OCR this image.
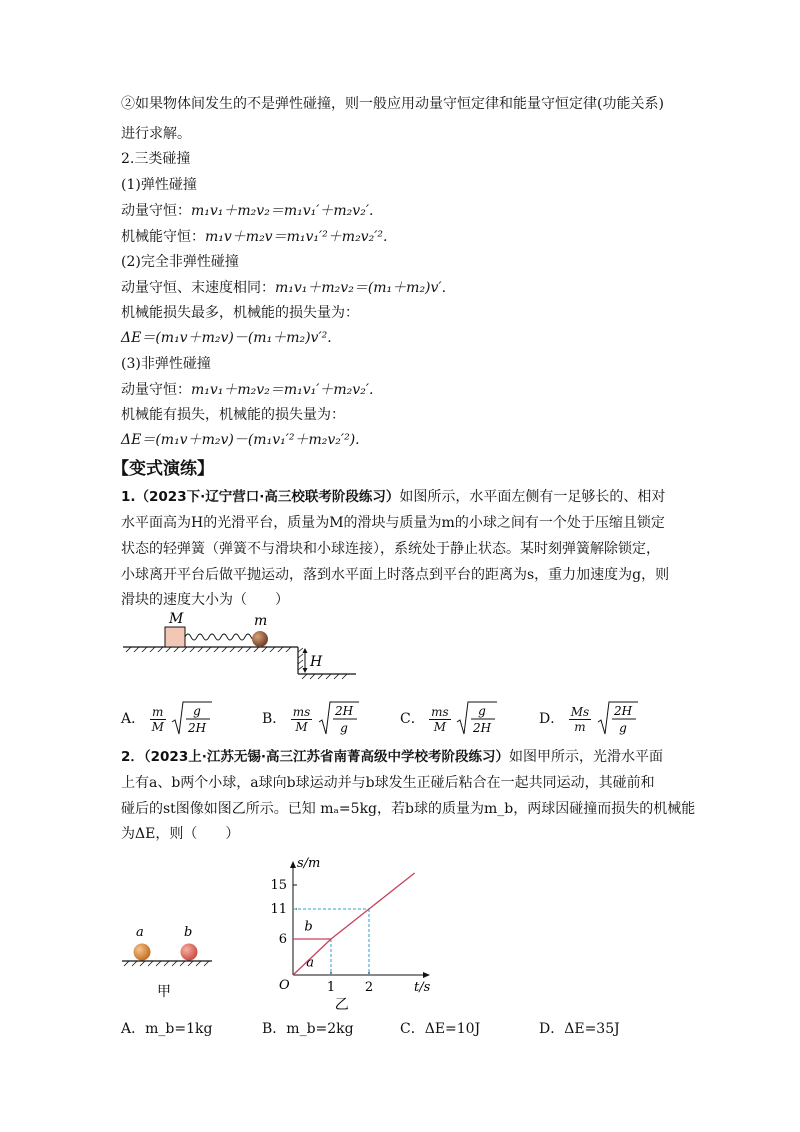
②如果物体间发生的不是弹性碰撞，则一般应用动量守恒定律和能量守恒定律(功能关系)
进行求解。
2.三类碰撞
(1)弹性碰撞
动量守恒：m₁v₁＋m₂v₂＝m₁v₁′＋m₂v₂′.
机械能守恒：m₁v＋m₂v＝m₁v₁′²＋m₂v₂′².
(2)完全非弹性碰撞
动量守恒、末速度相同：m₁v₁＋m₂v₂＝(m₁＋m₂)v′.
机械能损失最多，机械能的损失量为：
ΔE＝(m₁v＋m₂v)－(m₁＋m₂)v′².
(3)非弹性碰撞
动量守恒：m₁v₁＋m₂v₂＝m₁v₁′＋m₂v₂′.
机械能有损失，机械能的损失量为：
ΔE＝(m₁v＋m₂v)－(m₁v₁′²＋m₂v₂′²).
【变式演练】
1.（2023下·辽宁营口·高三校联考阶段练习）如图所示，水平面左侧有一足够长的、相对
水平面高为H的光滑平台，质量为M的滑块与质量为m的小球之间有一个处于压缩且锁定
状态的轻弹簧（弹簧不与滑块和小球连接），系统处于静止状态。某时刻弹簧解除锁定，
小球离开平台后做平抛运动，落到水平面上时落点到平台的距离为s，重力加速度为g，则
滑块的速度大小为（　　）
H
M	m
A． $\frac{m}{M}$
g
2H
B． $\frac{ms}{M}$
2H
g
C． $\frac{ms}{M}$
g
2H
D． $\frac{Ms}{m}$
2H
g
2．（2023上·江苏无锡·高三江苏省南菁高级中学校考阶段练习）如图甲所示，光滑水平面
上有a、b两个小球，a球向b球运动并与b球发生正碰后粘合在一起共同运动，其碰前和
碰后的st图像如图乙所示。已知 mₐ=5kg，若b球的质量为m_b，两球因碰撞而损失的机械能
为ΔE，则（　　）
a	b
甲
s/m
t/s
O
6
11
15
1 2
a
b
乙
A．m_b=1kg	B．m_b=2kg	C．ΔE=10J	D．ΔE=35J
